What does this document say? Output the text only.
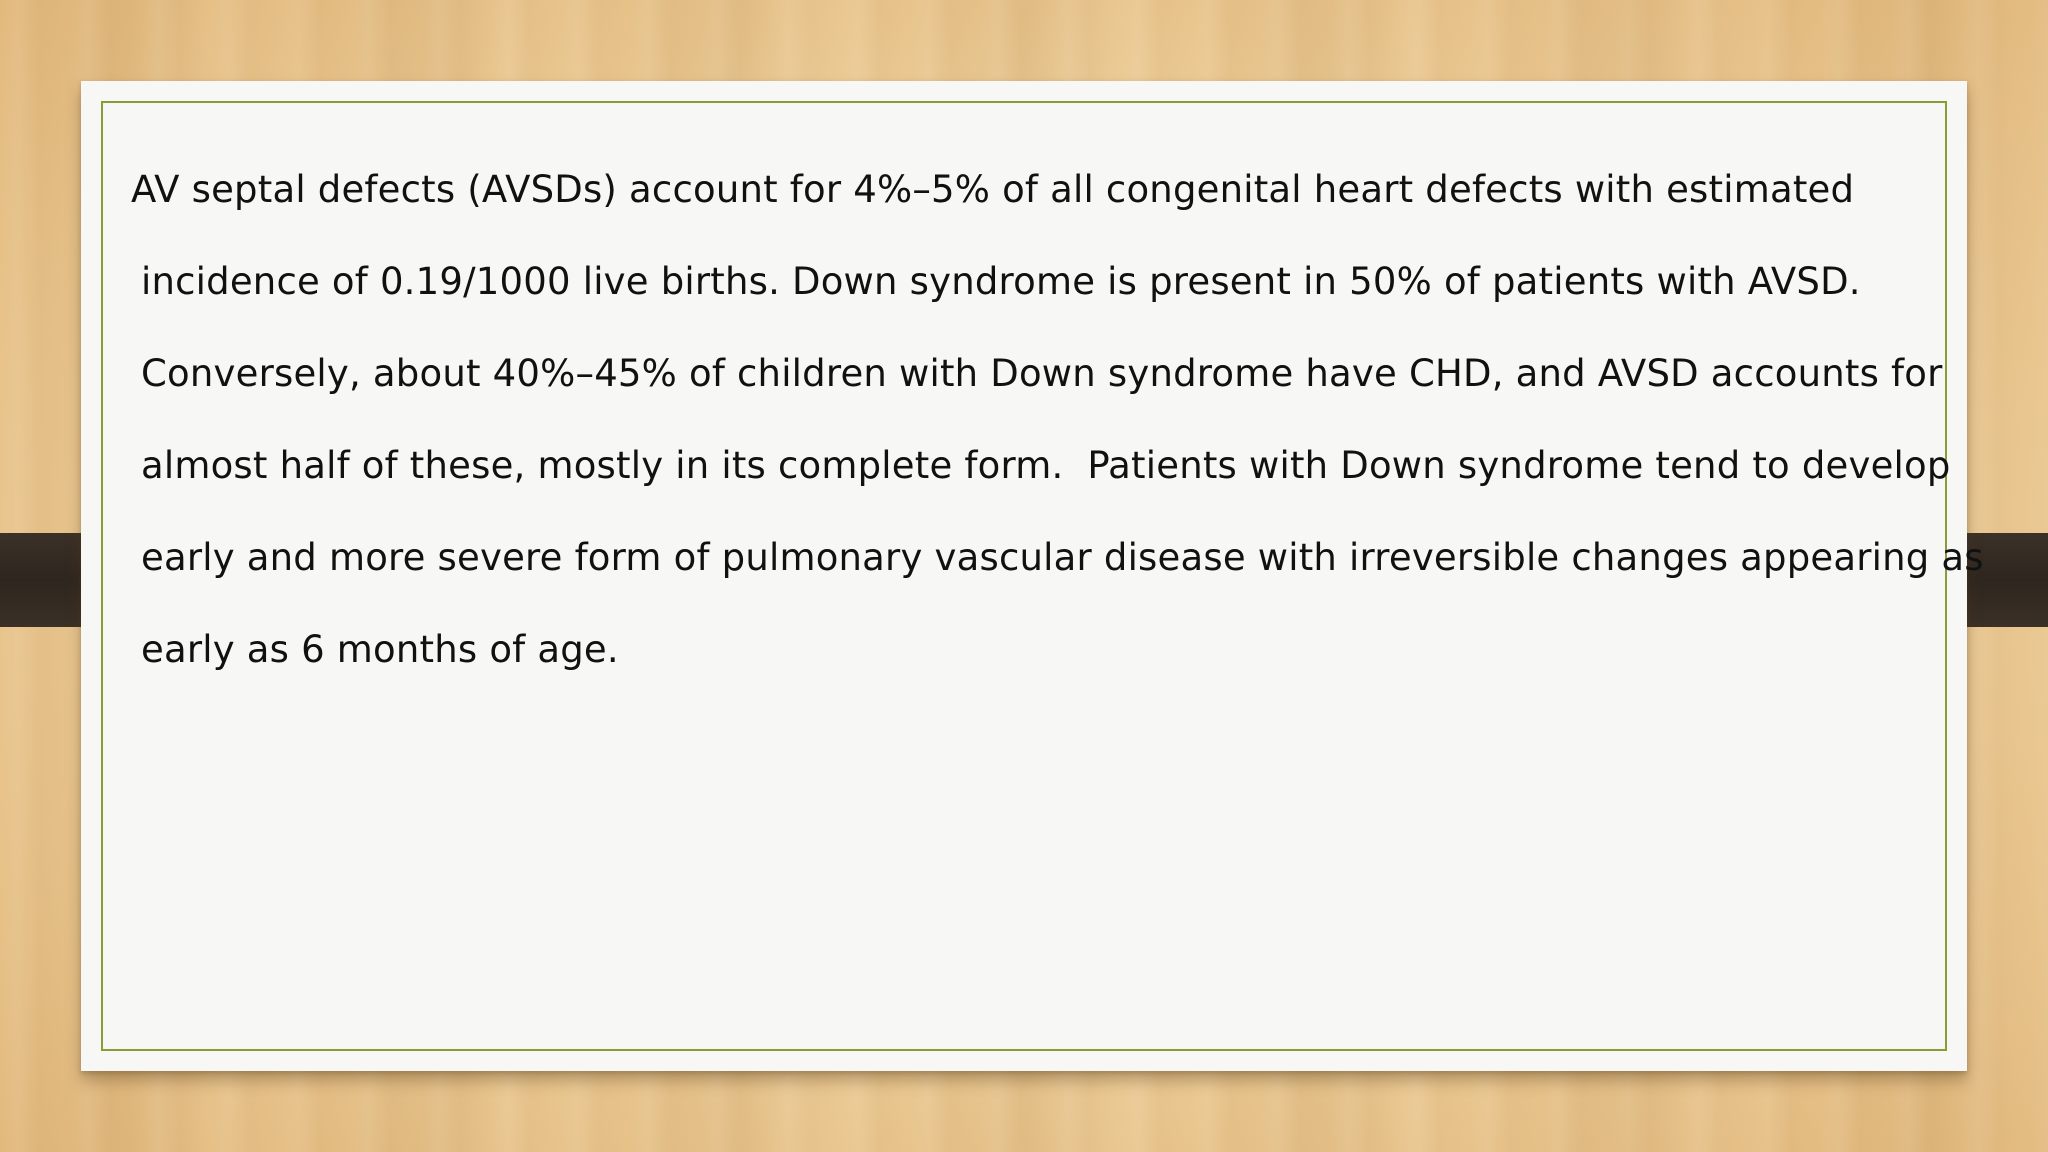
AV septal defects (AVSDs) account for 4%–5% of all congenital heart defects with estimated
incidence of 0.19/1000 live births. Down syndrome is present in 50% of patients with AVSD.
Conversely, about 40%–45% of children with Down syndrome have CHD, and AVSD accounts for
almost half of these, mostly in its complete form.  Patients with Down syndrome tend to develop
early and more severe form of pulmonary vascular disease with irreversible changes appearing as
early as 6 months of age.
